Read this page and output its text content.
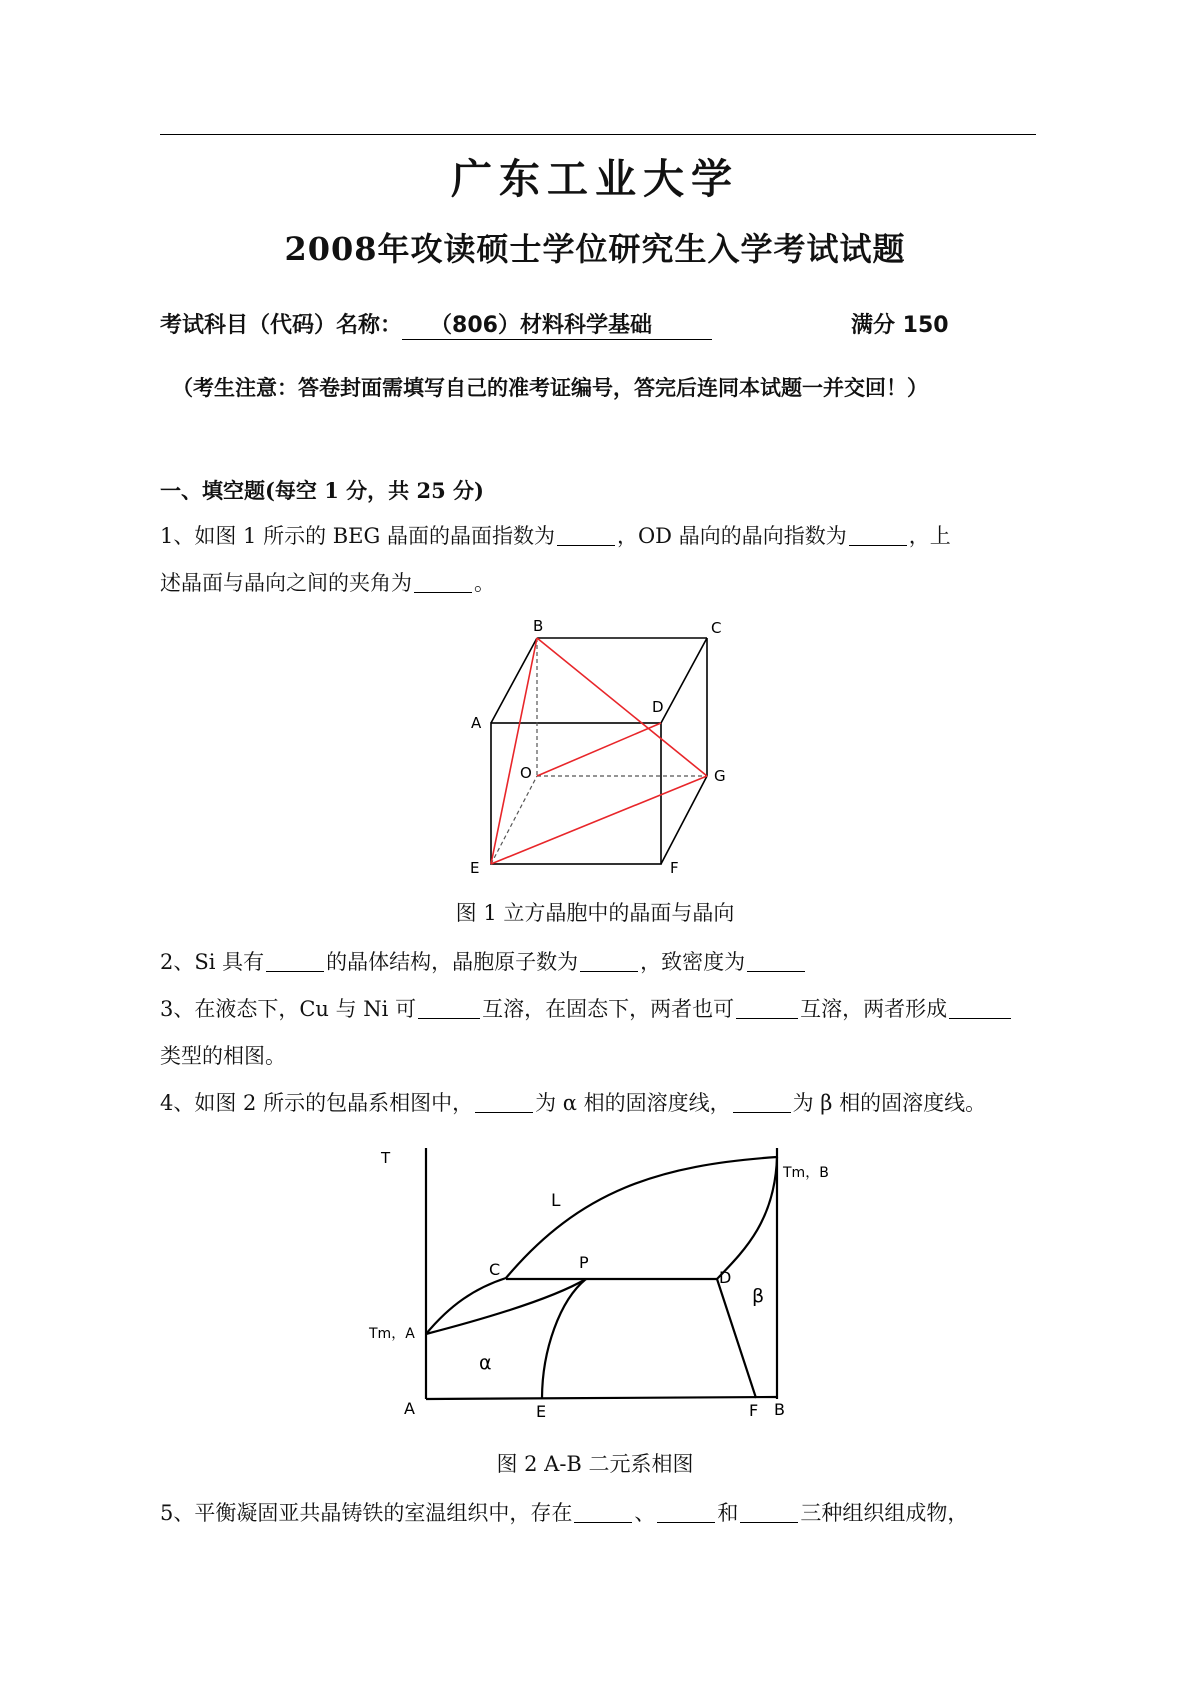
广东工业大学
2008年攻读硕士学位研究生入学考试试题
考试科目（代码）名称： （806）材料科学基础	满分 150
（考生注意：答卷封面需填写自己的准考证编号，答完后连同本试题一并交回！）
一、填空题(每空 1 分，共 25 分)
1、如图 1 所示的 BEG 晶面的晶面指数为	，OD 晶向的晶向指数为	，上
述晶面与晶向之间的夹角为	。
B	C
A
D
O	G
E	F
图 1 立方晶胞中的晶面与晶向
2、Si 具有	的晶体结构，晶胞原子数为	，致密度为
3、在液态下，Cu 与 Ni 可	互溶，在固态下，两者也可	互溶，两者形成
类型的相图。
4、如图 2 所示的包晶系相图中，	为 α 相的固溶度线，	为 β 相的固溶度线。
T
Tm，B
L
C	P
D
β
Tm，A
α
A	E	F B
图 2 A-B 二元系相图
5、平衡凝固亚共晶铸铁的室温组织中，存在	、	和	三种组织组成物，
